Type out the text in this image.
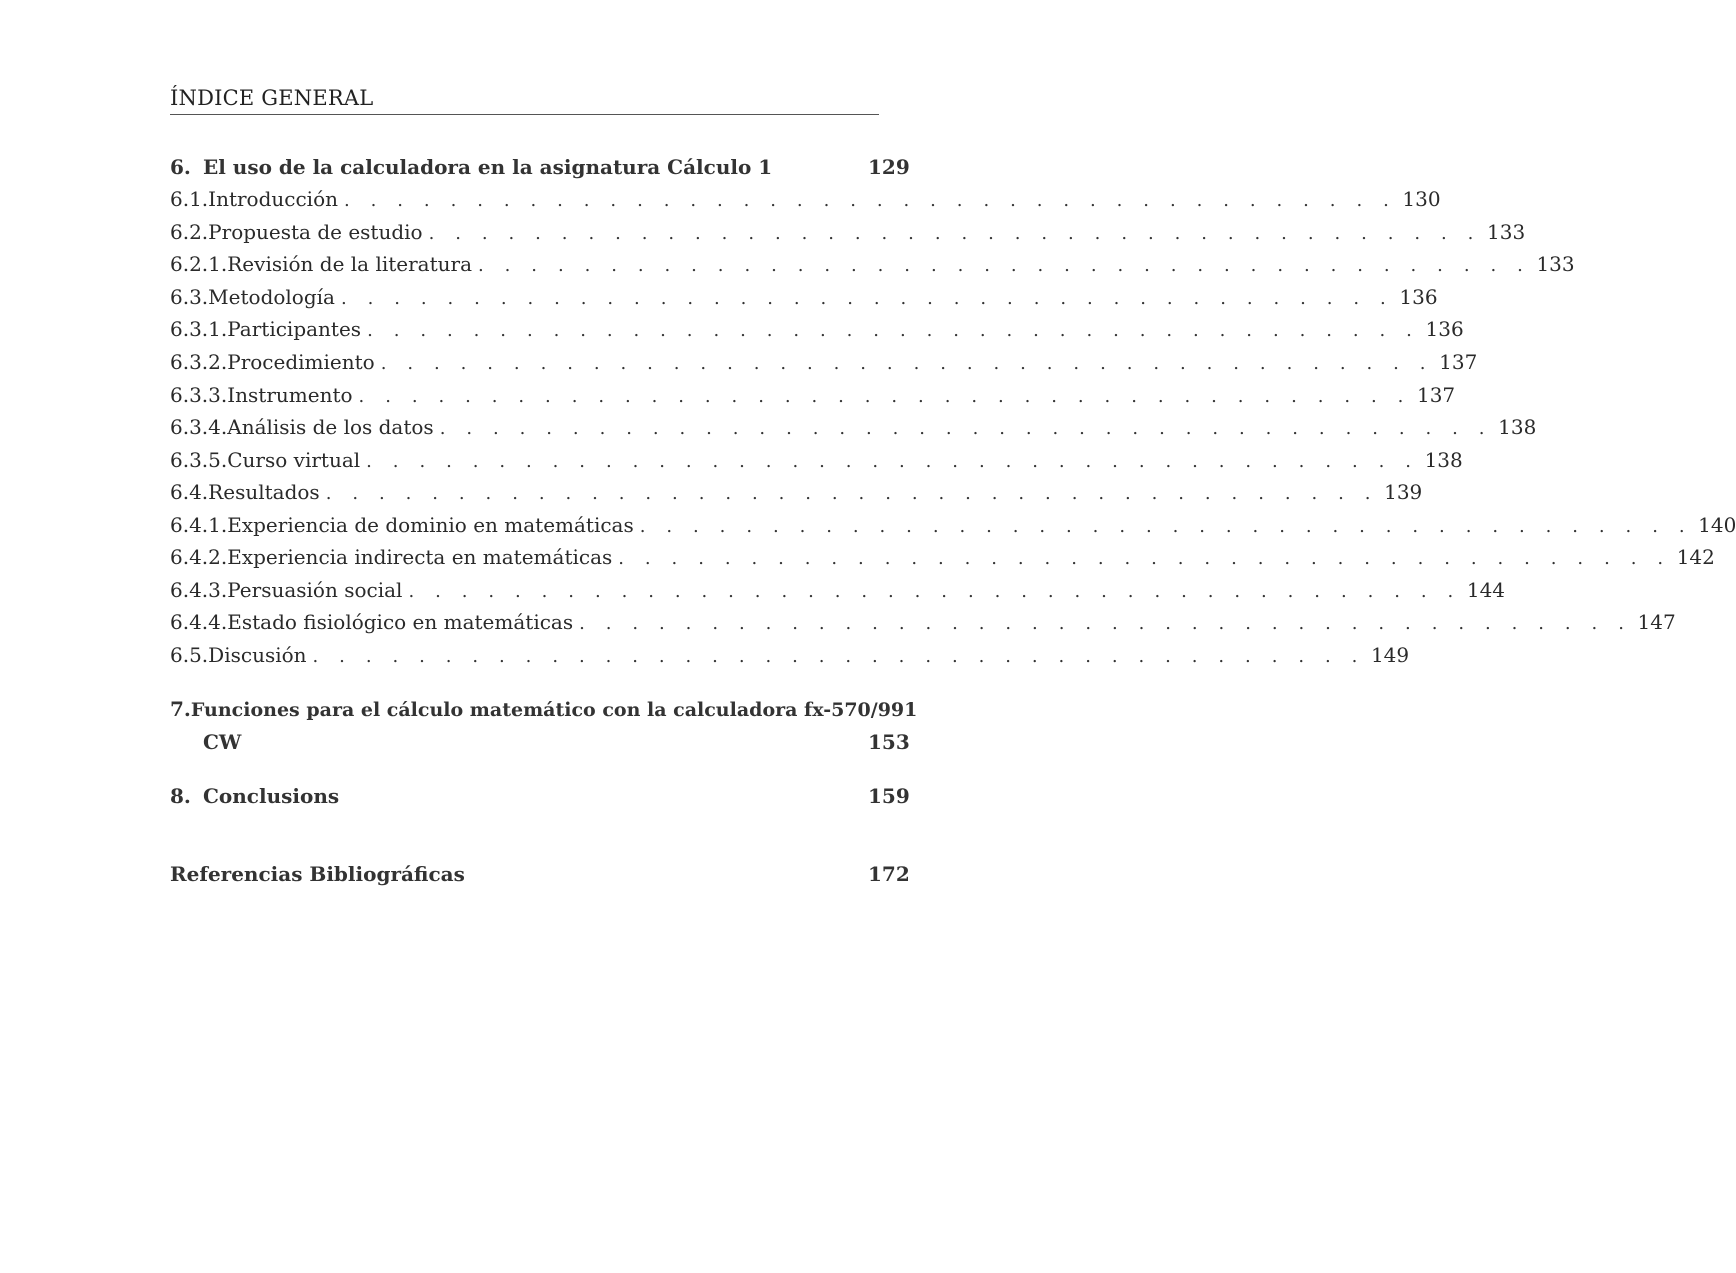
ÍNDICE GENERAL
6. El uso de la calculadora en la asignatura Cálculo 1	129
6.1. Introducción . . . . . . . . . . . . . . . . . . . . . . . . . . . . . . . . . . . . . . . . 130
6.2. Propuesta de estudio . . . . . . . . . . . . . . . . . . . . . . . . . . . . . . . . . . . . . . . . 133
6.2.1. Revisión de la literatura . . . . . . . . . . . . . . . . . . . . . . . . . . . . . . . . . . . . . . . . 133
6.3. Metodología . . . . . . . . . . . . . . . . . . . . . . . . . . . . . . . . . . . . . . . . 136
6.3.1. Participantes . . . . . . . . . . . . . . . . . . . . . . . . . . . . . . . . . . . . . . . . 136
6.3.2. Procedimiento . . . . . . . . . . . . . . . . . . . . . . . . . . . . . . . . . . . . . . . . 137
6.3.3. Instrumento . . . . . . . . . . . . . . . . . . . . . . . . . . . . . . . . . . . . . . . . 137
6.3.4. Análisis de los datos . . . . . . . . . . . . . . . . . . . . . . . . . . . . . . . . . . . . . . . . 138
6.3.5. Curso virtual . . . . . . . . . . . . . . . . . . . . . . . . . . . . . . . . . . . . . . . . 138
6.4. Resultados . . . . . . . . . . . . . . . . . . . . . . . . . . . . . . . . . . . . . . . . 139
6.4.1. Experiencia de dominio en matemáticas . . . . . . . . . . . . . . . . . . . . . . . . . . . . . . . . . . . . . . . . 140
6.4.2. Experiencia indirecta en matemáticas . . . . . . . . . . . . . . . . . . . . . . . . . . . . . . . . . . . . . . . . 142
6.4.3. Persuasión social . . . . . . . . . . . . . . . . . . . . . . . . . . . . . . . . . . . . . . . . 144
6.4.4. Estado fisiológico en matemáticas . . . . . . . . . . . . . . . . . . . . . . . . . . . . . . . . . . . . . . . . 147
6.5. Discusión . . . . . . . . . . . . . . . . . . . . . . . . . . . . . . . . . . . . . . . . 149
7. Funciones para el cálculo matemático con la calculadora fx-570/991
CW	153
8. Conclusions	159
Referencias Bibliográficas	172
